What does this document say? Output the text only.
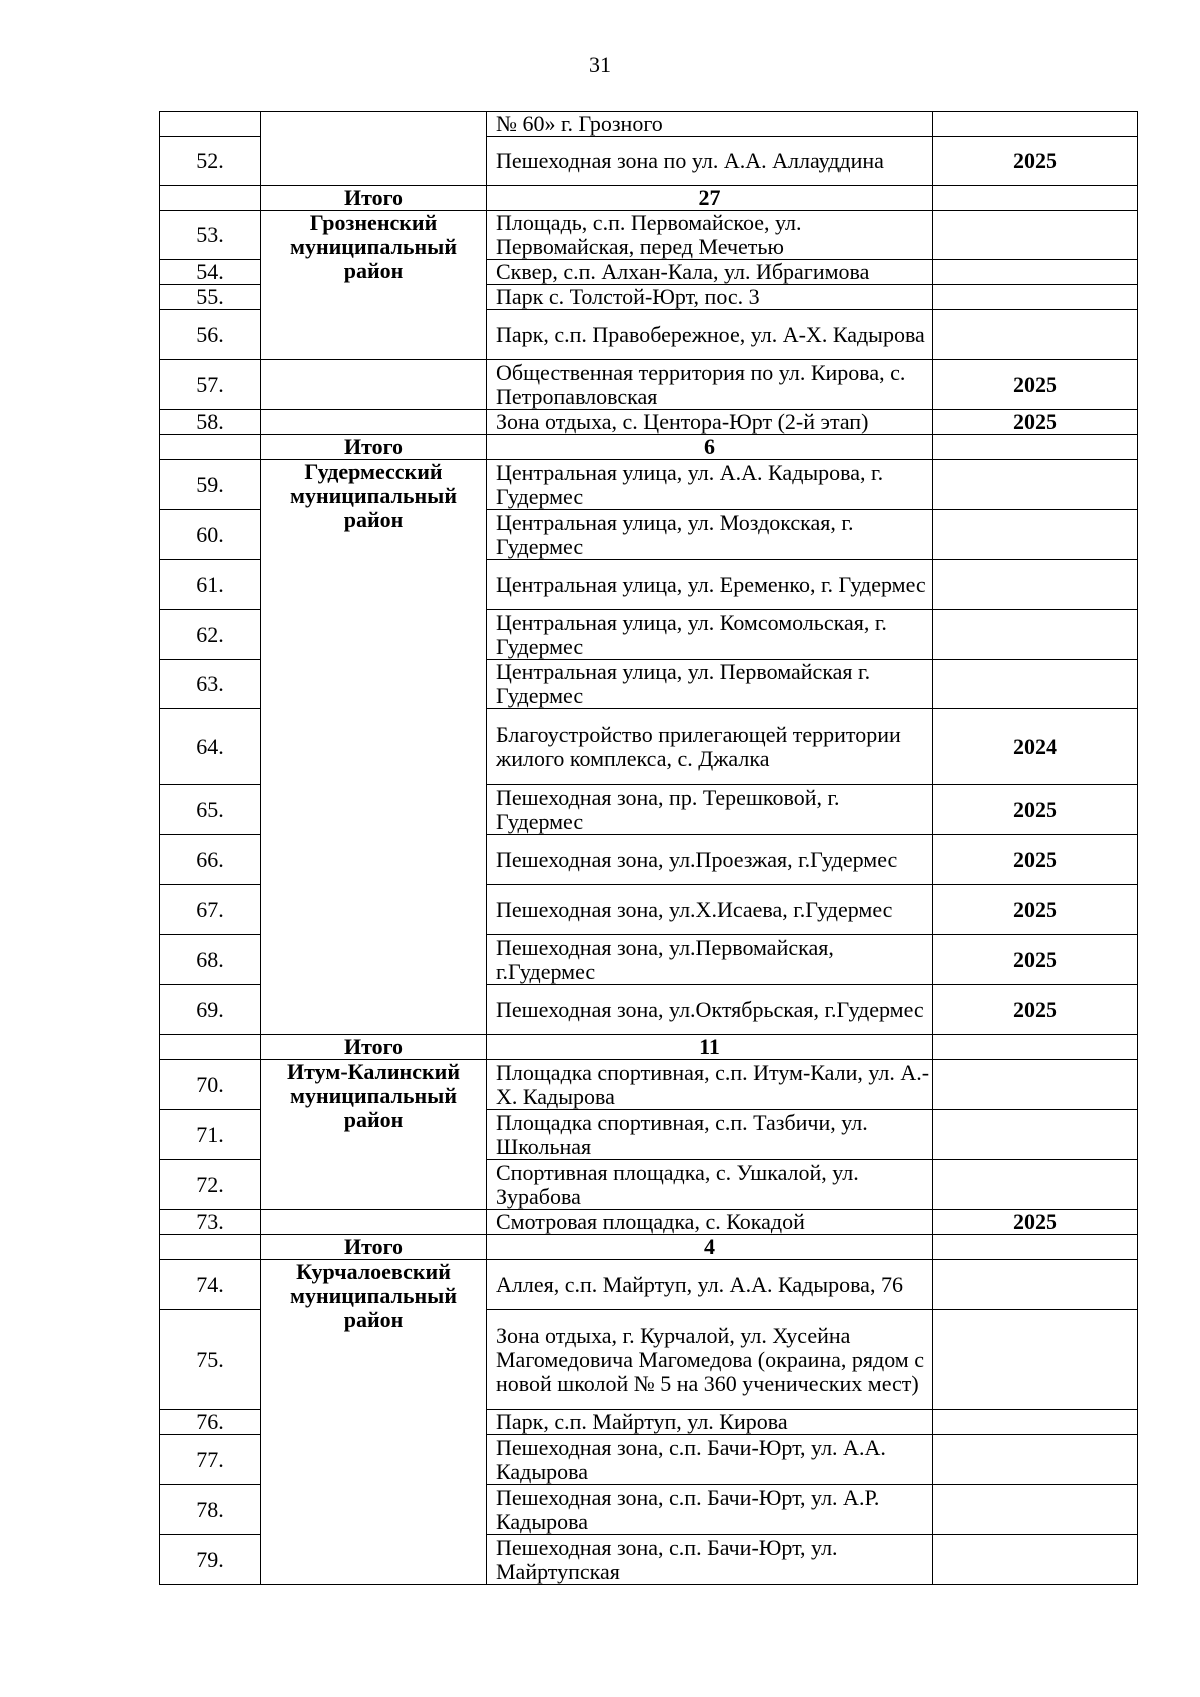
31
		№ 60» г. Грозного	
52.		Пешеходная зона по ул. А.А. Аллауддина	2025
	Итого	27	
53.	Грозненский муниципальный район	Площадь, с.п. Первомайское, ул. Первомайская, перед Мечетью	
54.		Сквер, с.п. Алхан-Кала, ул. Ибрагимова	
55.		Парк с. Толстой-Юрт, пос. 3	
56.		Парк, с.п. Правобережное, ул. А-Х. Кадырова	
57.		Общественная территория по ул. Кирова, с. Петропавловская	2025
58.		Зона отдыха, с. Центора-Юрт (2-й этап)	2025
	Итого	6	
59.	Гудермесский муниципальный район	Центральная улица, ул. А.А. Кадырова, г. Гудермес	
60.		Центральная улица, ул. Моздокская, г. Гудермес	
61.		Центральная улица, ул. Еременко, г. Гудермес	
62.		Центральная улица, ул. Комсомольская, г. Гудермес	
63.		Центральная улица, ул. Первомайская г. Гудермес	
64.		Благоустройство прилегающей территории жилого комплекса, с. Джалка	2024
65.		Пешеходная зона, пр. Терешковой, г. Гудермес	2025
66.		Пешеходная зона, ул.Проезжая, г.Гудермес	2025
67.		Пешеходная зона, ул.Х.Исаева, г.Гудермес	2025
68.		Пешеходная зона, ул.Первомайская, г.Гудермес	2025
69.		Пешеходная зона, ул.Октябрьская, г.Гудермес	2025
	Итого	11	
70.	Итум-Калинский муниципальный район	Площадка спортивная, с.п. Итум-Кали, ул. А.-Х. Кадырова	
71.		Площадка спортивная, с.п. Тазбичи, ул. Школьная	
72.		Спортивная площадка, с. Ушкалой, ул. Зурабова	
73.		Смотровая площадка, с. Кокадой	2025
	Итого	4	
74.	Курчалоевский муниципальный район	Аллея, с.п. Майртуп, ул. А.А. Кадырова, 76	
75.		Зона отдыха, г. Курчалой, ул. Хусейна Магомедовича Магомедова (окраина, рядом с новой школой № 5 на 360 ученических мест)	
76.		Парк, с.п. Майртуп, ул. Кирова	
77.		Пешеходная зона, с.п. Бачи-Юрт, ул. А.А. Кадырова	
78.		Пешеходная зона, с.п. Бачи-Юрт, ул. А.Р. Кадырова	
79.		Пешеходная зона, с.п. Бачи-Юрт, ул. Майртупская	
